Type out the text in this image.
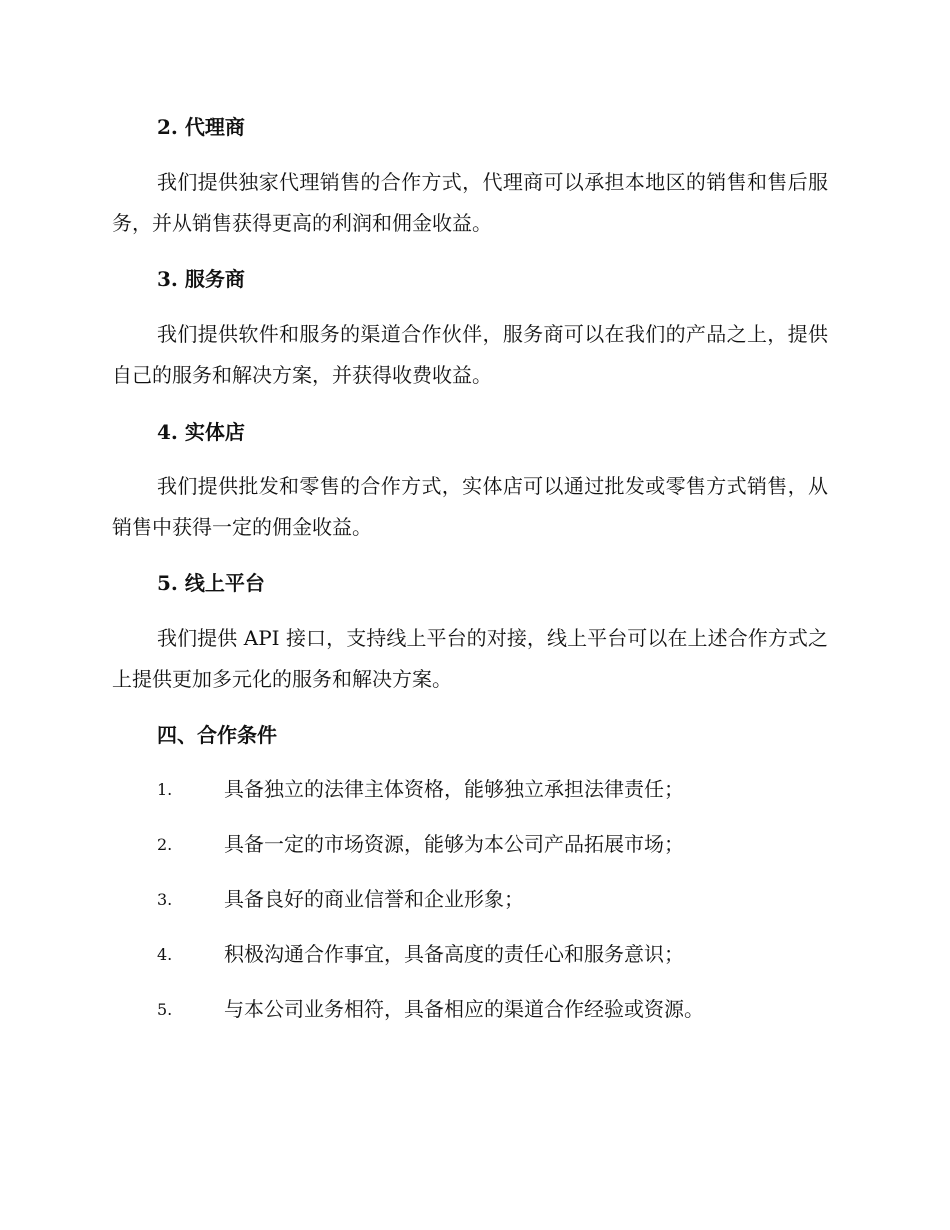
2. 代理商
我们提供独家代理销售的合作方式，代理商可以承担本地区的销售和售后服务，并从销售获得更高的利润和佣金收益。
3. 服务商
我们提供软件和服务的渠道合作伙伴，服务商可以在我们的产品之上，提供自己的服务和解决方案，并获得收费收益。
4. 实体店
我们提供批发和零售的合作方式，实体店可以通过批发或零售方式销售，从销售中获得一定的佣金收益。
5. 线上平台
我们提供 API 接口，支持线上平台的对接，线上平台可以在上述合作方式之上提供更加多元化的服务和解决方案。
四、合作条件
1.	具备独立的法律主体资格，能够独立承担法律责任；
2.	具备一定的市场资源，能够为本公司产品拓展市场；
3.	具备良好的商业信誉和企业形象；
4.	积极沟通合作事宜，具备高度的责任心和服务意识；
5.	与本公司业务相符，具备相应的渠道合作经验或资源。
